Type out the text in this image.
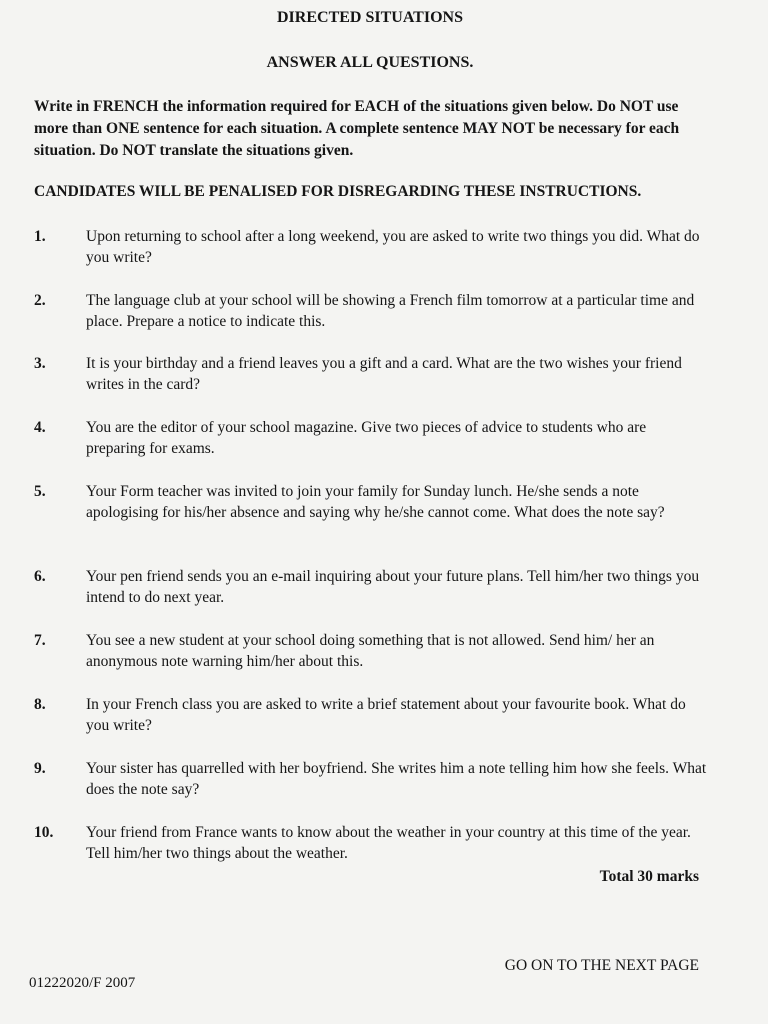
DIRECTED SITUATIONS
ANSWER ALL QUESTIONS.
Write in FRENCH the information required for EACH of the situations given below. Do NOT use more than ONE sentence for each situation. A complete sentence MAY NOT be necessary for each situation. Do NOT translate the situations given.
CANDIDATES WILL BE PENALISED FOR DISREGARDING THESE INSTRUCTIONS.
1.	Upon returning to school after a long weekend, you are asked to write two things you did. What do you write?
2.	The language club at your school will be showing a French film tomorrow at a particular time and place. Prepare a notice to indicate this.
3.	It is your birthday and a friend leaves you a gift and a card. What are the two wishes your friend writes in the card?
4.	You are the editor of your school magazine. Give two pieces of advice to students who are preparing for exams.
5.	Your Form teacher was invited to join your family for Sunday lunch. He/she sends a note apologising for his/her absence and saying why he/she cannot come. What does the note say?
6.	Your pen friend sends you an e-mail inquiring about your future plans. Tell him/her two things you intend to do next year.
7.	You see a new student at your school doing something that is not allowed. Send him/ her an anonymous note warning him/her about this.
8.	In your French class you are asked to write a brief statement about your favourite book. What do you write?
9.	Your sister has quarrelled with her boyfriend. She writes him a note telling him how she feels. What does the note say?
10.	Your friend from France wants to know about the weather in your country at this time of the year. Tell him/her two things about the weather.
Total 30 marks
GO ON TO THE NEXT PAGE
01222020/F 2007
